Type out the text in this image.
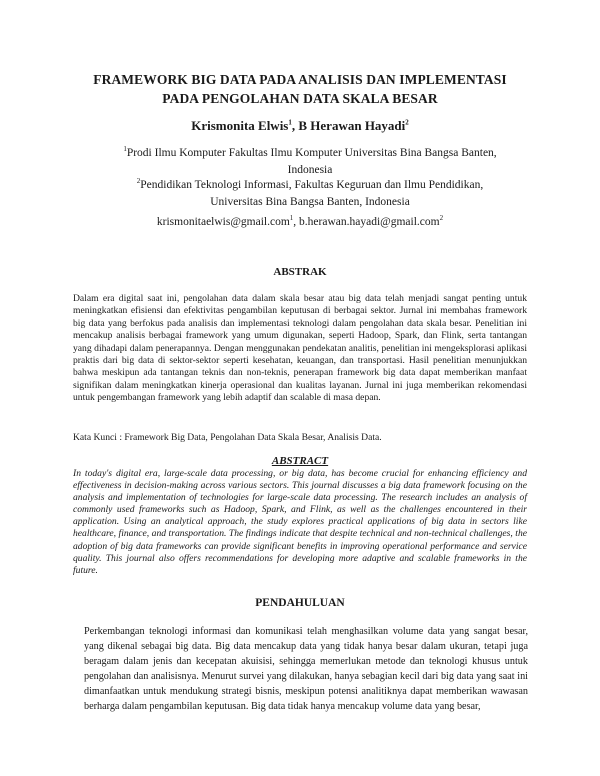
FRAMEWORK BIG DATA PADA ANALISIS DAN IMPLEMENTASI
PADA PENGOLAHAN DATA SKALA BESAR
Krismonita Elwis$^1$, B Herawan Hayadi$^2$
$^1$Prodi Ilmu Komputer Fakultas Ilmu Komputer Universitas Bina Bangsa Banten, Indonesia
$^2$Pendidikan Teknologi Informasi, Fakultas Keguruan dan Ilmu Pendidikan, Universitas Bina Bangsa Banten, Indonesia
krismonitaelwis@gmail.com$^1$, b.herawan.hayadi@gmail.com$^2$
ABSTRAK

Dalam era digital saat ini, pengolahan data dalam skala besar atau big data telah menjadi sangat penting untuk meningkatkan efisiensi dan efektivitas pengambilan keputusan di berbagai sektor. Jurnal ini membahas framework big data yang berfokus pada analisis dan implementasi teknologi dalam pengolahan data skala besar. Penelitian ini mencakup analisis berbagai framework yang umum digunakan, seperti Hadoop, Spark, dan Flink, serta tantangan yang dihadapi dalam penerapannya. Dengan menggunakan pendekatan analitis, penelitian ini mengeksplorasi aplikasi praktis dari big data di sektor-sektor seperti kesehatan, keuangan, dan transportasi. Hasil penelitian menunjukkan bahwa meskipun ada tantangan teknis dan non-teknis, penerapan framework big data dapat memberikan manfaat signifikan dalam meningkatkan kinerja operasional dan kualitas layanan. Jurnal ini juga memberikan rekomendasi untuk pengembangan framework yang lebih adaptif dan scalable di masa depan.

Kata Kunci : Framework Big Data, Pengolahan Data Skala Besar, Analisis Data.

ABSTRACT

In today's digital era, large-scale data processing, or big data, has become crucial for enhancing efficiency and effectiveness in decision-making across various sectors. This journal discusses a big data framework focusing on the analysis and implementation of technologies for large-scale data processing. The research includes an analysis of commonly used frameworks such as Hadoop, Spark, and Flink, as well as the challenges encountered in their application. Using an analytical approach, the study explores practical applications of big data in sectors like healthcare, finance, and transportation. The findings indicate that despite technical and non-technical challenges, the adoption of big data frameworks can provide significant benefits in improving operational performance and service quality. This journal also offers recommendations for developing more adaptive and scalable frameworks in the future.

PENDAHULUAN

Perkembangan teknologi informasi dan komunikasi telah menghasilkan volume data yang sangat besar, yang dikenal sebagai big data. Big data mencakup data yang tidak hanya besar dalam ukuran, tetapi juga beragam dalam jenis dan kecepatan akuisisi, sehingga memerlukan metode dan teknologi khusus untuk pengolahan dan analisisnya. Menurut survei yang dilakukan, hanya sebagian kecil dari big data yang saat ini dimanfaatkan untuk mendukung strategi bisnis, meskipun potensi analitiknya dapat memberikan wawasan berharga dalam pengambilan keputusan. Big data tidak hanya mencakup volume data yang besar,
